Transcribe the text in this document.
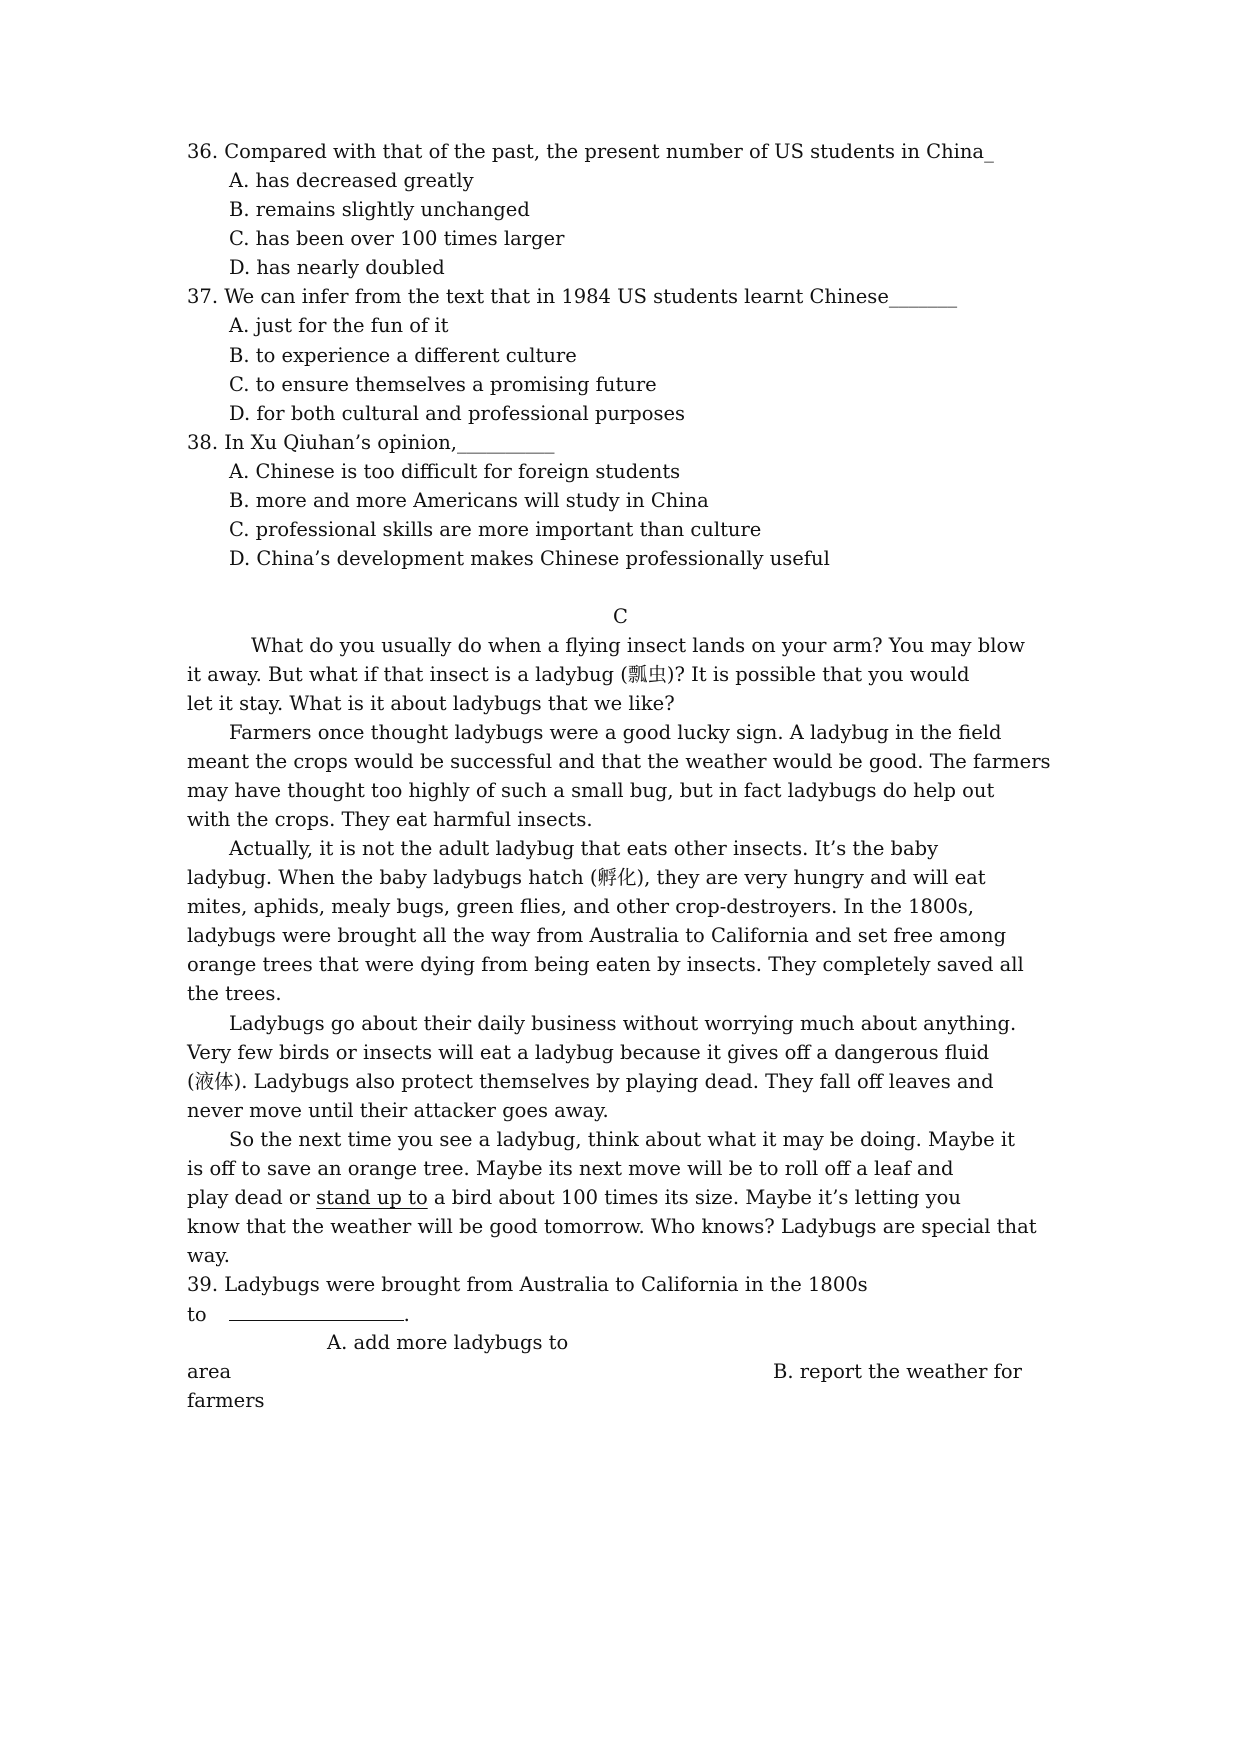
36. Compared with that of the past, the present number of US students in China_
A. has decreased greatly
B. remains slightly unchanged
C. has been over 100 times larger
D. has nearly doubled
37. We can infer from the text that in 1984 US students learnt Chinese_______
A. just for the fun of it
B. to experience a different culture
C. to ensure themselves a promising future
D. for both cultural and professional purposes
38. In Xu Qiuhan’s opinion,__________
A. Chinese is too difficult for foreign students
B. more and more Americans will study in China
C. professional skills are more important than culture
D. China’s development makes Chinese professionally useful
C
What do you usually do when a flying insect lands on your arm? You may blow
it away. But what if that insect is a ladybug (瓢虫)? It is possible that you would
let it stay. What is it about ladybugs that we like?
Farmers once thought ladybugs were a good lucky sign. A ladybug in the field
meant the crops would be successful and that the weather would be good. The farmers
may have thought too highly of such a small bug, but in fact ladybugs do help out
with the crops. They eat harmful insects.
Actually, it is not the adult ladybug that eats other insects. It’s the baby
ladybug. When the baby ladybugs hatch (孵化), they are very hungry and will eat
mites, aphids, mealy bugs, green flies, and other crop-destroyers. In the 1800s,
ladybugs were brought all the way from Australia to California and set free among
orange trees that were dying from being eaten by insects. They completely saved all
the trees.
Ladybugs go about their daily business without worrying much about anything.
Very few birds or insects will eat a ladybug because it gives off a dangerous fluid
(液体). Ladybugs also protect themselves by playing dead. They fall off leaves and
never move until their attacker goes away.
So the next time you see a ladybug, think about what it may be doing. Maybe it
is off to save an orange tree. Maybe its next move will be to roll off a leaf and
play dead or stand up to a bird about 100 times its size. Maybe it’s letting you
know that the weather will be good tomorrow. Who knows? Ladybugs are special that
way.
39. Ladybugs were brought from Australia to California in the 1800s
to	.
A. add more ladybugs to
area	B. report the weather for
farmers
